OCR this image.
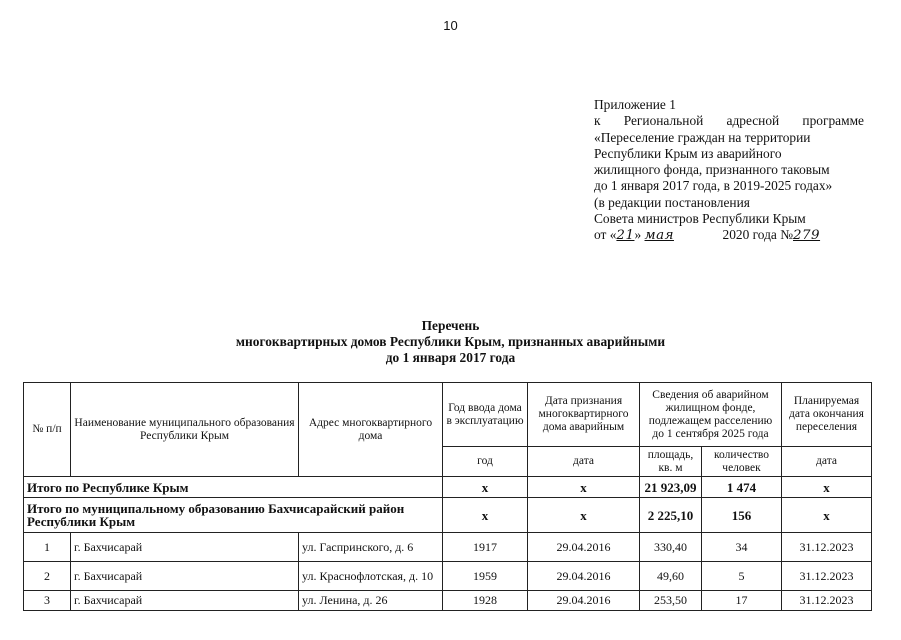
10
Приложение 1
к Региональной адресной программе
«Переселение граждан на территории
Республики Крым из аварийного
жилищного фонда, признанного таковым
до 1 января 2017 года, в 2019-2025 годах»
(в редакции постановления
Совета министров Республики Крым
от «21» мая	2020 года №279
Перечень
многоквартирных домов Республики Крым, признанных аварийными
до 1 января 2017 года
№ п/п	Наименование муниципального образования Республики Крым	Адрес многоквартирного дома	Год ввода дома в эксплуатацию	Дата признания многоквартирного дома аварийным	Сведения об аварийном жилищном фонде, подлежащем расселению до 1 сентября 2025 года		Планируемая дата окончания переселения
			год	дата	площадь, кв. м	количество человек	дата
Итого по Республике Крым			x	x	21 923,09	1 474	x
Итого по муниципальному образованию Бахчисарайский район Республики Крым			x	x	2 225,10	156	x
1	г. Бахчисарай	ул. Гаспринского, д. 6	1917	29.04.2016	330,40	34	31.12.2023
2	г. Бахчисарай	ул. Краснофлотская, д. 10	1959	29.04.2016	49,60	5	31.12.2023
3	г. Бахчисарай	ул. Ленина, д. 26	1928	29.04.2016	253,50	17	31.12.2023
